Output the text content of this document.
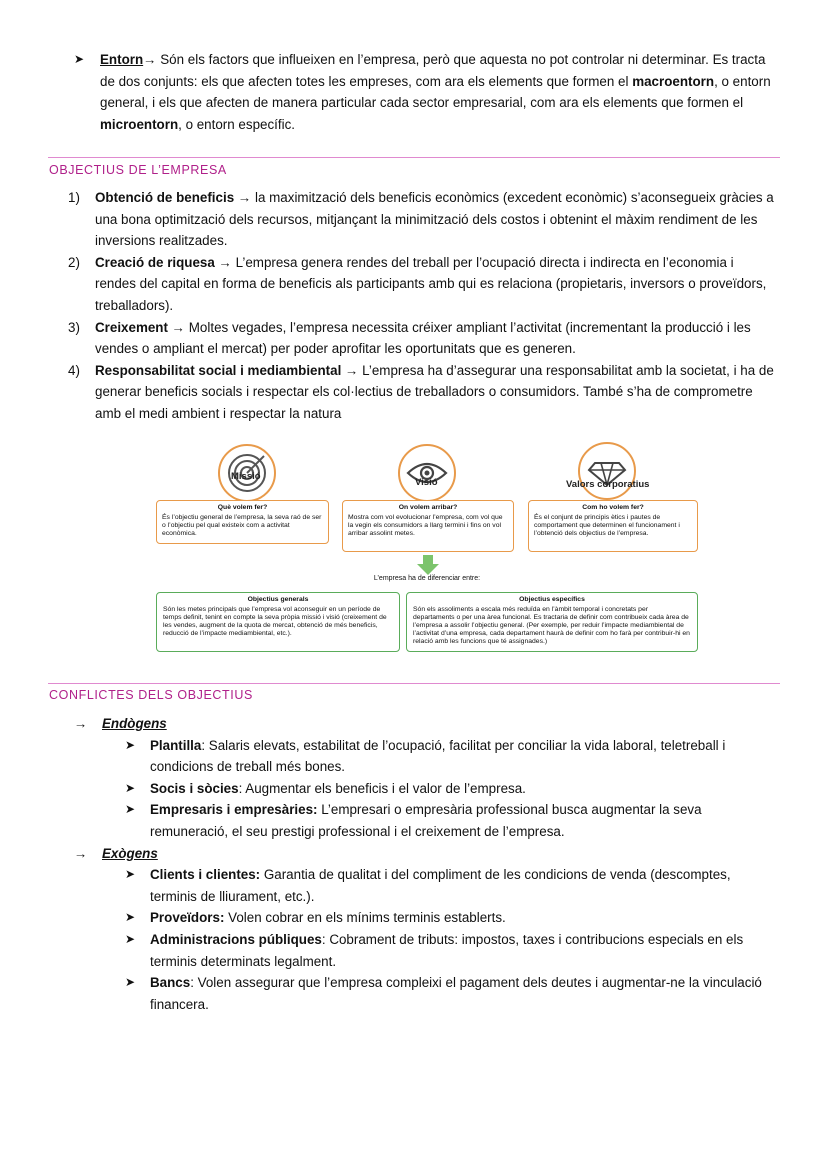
➤ Entorn→ Són els factors que influeixen en l’empresa, però que aquesta no pot controlar ni determinar. Es tracta de dos conjunts: els que afecten totes les empreses, com ara els elements que formen el macroentorn, o entorn general, i els que afecten de manera particular cada sector empresarial, com ara els elements que formen el microentorn, o entorn específic.
OBJECTIUS DE L’EMPRESA
1) Obtenció de beneficis → la maximització dels beneficis econòmics (excedent econòmic) s’aconsegueix gràcies a una bona optimització dels recursos, mitjançant la minimització dels costos i obtenint el màxim rendiment de les inversions realitzades.
2) Creació de riquesa → L’empresa genera rendes del treball per l’ocupació directa i indirecta en l’economia i rendes del capital en forma de beneficis als participants amb qui es relaciona (propietaris, inversors o proveïdors, treballadors).
3) Creixement → Moltes vegades, l’empresa necessita créixer ampliant l’activitat (incrementant la producció i les vendes o ampliant el mercat) per poder aprofitar les oportunitats que es generen.
4) Responsabilitat social i mediambiental → L’empresa ha d’assegurar una responsabilitat amb la societat, i ha de generar beneficis socials i respectar els col·lectius de treballadors o consumidors. També s’ha de comprometre amb el medi ambient i respectar la natura
Missió
Visió	Valors corporatius
Què volem fer?
És l’objectiu general de l’empresa, la seva raó de ser o l’objectiu pel qual existeix com a activitat econòmica.
On volem arribar?
Mostra com vol evolucionar l’empresa, com vol que la vegin els consumidors a llarg termini i fins on vol arribar assolint metes.
Com ho volem fer?
És el conjunt de principis ètics i pautes de comportament que determinen el funcionament i l’obtenció dels objectius de l’empresa.
L’empresa ha de diferenciar entre:
Objectius generals
Són les metes principals que l’empresa vol aconseguir en un període de temps definit, tenint en compte la seva pròpia missió i visió (creixement de les vendes, augment de la quota de mercat, obtenció de més beneficis, reducció de l’impacte mediambiental, etc.).
Objectius específics
Són els assoliments a escala més reduïda en l’àmbit temporal i concretats per departaments o per una àrea funcional. Es tractaria de definir com contribueix cada àrea de l’empresa a assolir l’objectiu general. (Per exemple, per reduir l’impacte mediambiental de l’activitat d’una empresa, cada departament haurà de definir com ho farà per contribuir-hi en relació amb les funcions que té assignades.)
CONFLICTES DELS OBJECTIUS
→ Endògens
➤ Plantilla: Salaris elevats, estabilitat de l’ocupació, facilitat per conciliar la vida laboral, teletreball i condicions de treball més bones.
➤ Socis i sòcies: Augmentar els beneficis i el valor de l’empresa.
➤ Empresaris i empresàries: L’empresari o empresària professional busca augmentar la seva remuneració, el seu prestigi professional i el creixement de l’empresa.
→ Exògens
➤ Clients i clientes: Garantia de qualitat i del compliment de les condicions de venda (descomptes, terminis de lliurament, etc.).
➤ Proveïdors: Volen cobrar en els mínims terminis establerts.
➤ Administracions públiques: Cobrament de tributs: impostos, taxes i contribucions especials en els terminis determinats legalment.
➤ Bancs: Volen assegurar que l’empresa compleixi el pagament dels deutes i augmentar-ne la vinculació financera.
